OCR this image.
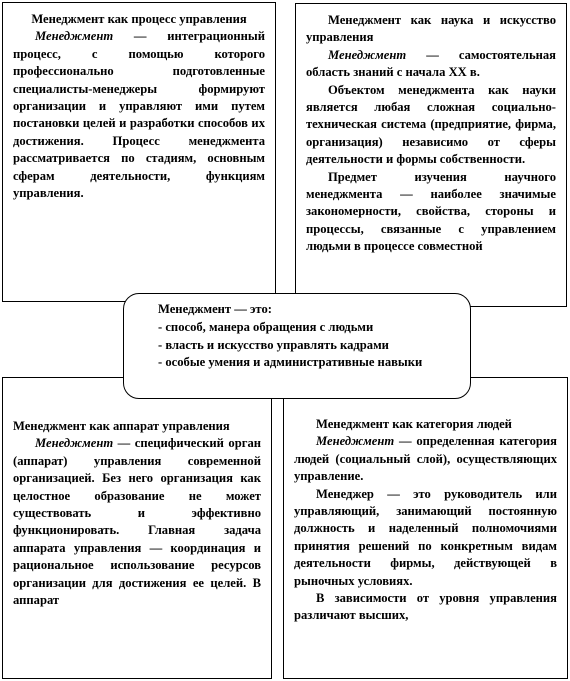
Менеджмент как процесс управления

Менеджмент — интеграционный процесс, с помощью которого профессионально подготовленные специалисты-менеджеры формируют организации и управляют ими путем постановки целей и разработки способов их достижения. Процесс менеджмента рассматривается по стадиям, основным сферам деятельности, функциям управления.

Менеджмент как наука и искусство управления

Менеджмент — самостоятельная область знаний с начала XX в.

Объектом менеджмента как науки является любая сложная социально-техническая система (предприятие, фирма, организация) независимо от сферы деятельности и формы собственности.

Предмет изучения научного менеджмента — наиболее значимые закономерности, свойства, стороны и процессы, связанные с управлением людьми в процессе совместной

Менеджмент как аппарат управления

Менеджмент — специфический орган (аппарат) управления современной организацией. Без него организация как целостное образование не может существовать и эффективно функционировать. Главная задача аппарата управления — координация и рациональное использование ресурсов организации для достижения ее целей. В аппарат

Менеджмент как категория людей

Менеджмент — определенная категория людей (социальный слой), осуществляющих управление.

Менеджер — это руководитель или управляющий, занимающий постоянную должность и наделенный полномочиями принятия решений по конкретным видам деятельности фирмы, действующей в рыночных условиях.

В зависимости от уровня управления различают высших,

Менеджмент — это:

- способ, манера обращения с людьми

- власть и искусство управлять кадрами

- особые умения и административные навыки
